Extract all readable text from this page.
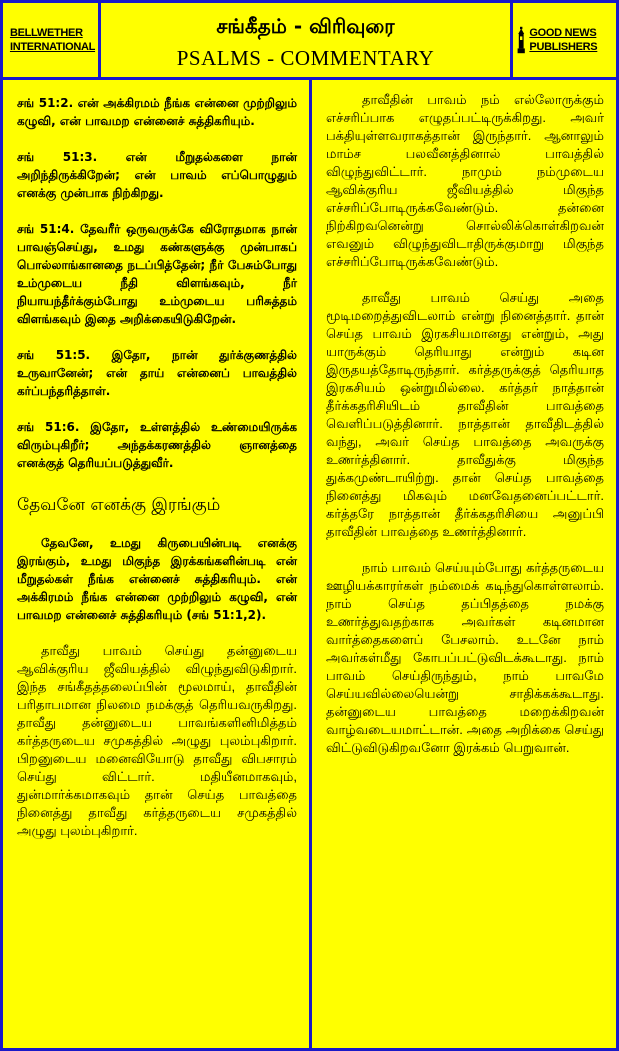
BELLWETHER INTERNATIONAL
சங்கீதம் - விரிவுரை
PSALMS - COMMENTARY
GOOD NEWS PUBLISHERS
சங் 51:2. என் அக்கிரமம் நீங்க என்னை முற்றிலும் கழுவி, என் பாவமற என்னைச் சுத்திகரியும்.
சங் 51:3. என் மீறுதல்களை நான் அறிந்திருக்கிறேன்; என் பாவம் எப்பொழுதும் எனக்கு முன்பாக நிற்கிறது.
சங் 51:4. தேவரீர் ஒருவருக்கே விரோதமாக நான் பாவஞ்செய்து, உமது கண்களுக்கு முன்பாகப் பொல்லாங்கானதை நடப்பித்தேன்; நீர் பேசும்போது உம்முடைய நீதி விளங்கவும், நீர் நியாயந்தீர்க்கும்போது உம்முடைய பரிசுத்தம் விளங்கவும் இதை அறிக்கையிடுகிறேன்.
சங் 51:5. இதோ, நான் துர்க்குணத்தில் உருவானேன்; என் தாய் என்னைப் பாவத்தில் கர்ப்பந்தரித்தாள்.
சங் 51:6. இதோ, உள்ளத்தில் உண்மையிருக்க விரும்புகிறீர்; அந்தக்கரணத்தில் ஞானத்தை எனக்குத் தெரியப்படுத்துவீர்.
தேவனே எனக்கு இரங்கும்
தேவனே, உமது கிருபையின்படி எனக்கு இரங்கும், உமது மிகுந்த இரக்கங்களின்படி என் மீறுதல்கள் நீங்க என்னைச் சுத்திகரியும். என் அக்கிரமம் நீங்க என்னை முற்றிலும் கழுவி, என் பாவமற என்னைச் சுத்திகரியும் (சங் 51:1,2).
தாவீது பாவம் செய்து தன்னுடைய ஆவிக்குரிய ஜீவியத்தில் விழுந்துவிடுகிறார். இந்த சங்கீதத்தலைப்பின் மூலமாய், தாவீதின் பரிதாபமான நிலமை நமக்குத் தெரியவருகிறது. தாவீது தன்னுடைய பாவங்களினிமித்தம் கர்த்தருடைய சமுகத்தில் அழுது புலம்புகிறார். பிறனுடைய மனைவியோடு தாவீது விபசாரம் செய்து விட்டார். மதியீனமாகவும், துன்மார்க்கமாகவும் தான் செய்த பாவத்தை நினைத்து தாவீது கர்த்தருடைய சமுகத்தில் அழுது புலம்புகிறார்.
தாவீதின் பாவம் நம் எல்லோருக்கும் எச்சரிப்பாக எழுதப்பட்டிருக்கிறது. அவர் பக்தியுள்ளவராகத்தான் இருந்தார். ஆனாலும் மாம்ச பலவீனத்தினால் பாவத்தில் விழுந்துவிட்டார். நாமும் நம்முடைய ஆவிக்குரிய ஜீவியத்தில் மிகுந்த எச்சரிப்போடிருக்கவேண்டும். தன்னை நிற்கிறவனென்று சொல்லிக்கொள்கிறவன் எவனும் விழுந்துவிடாதிருக்குமாறு மிகுந்த எச்சரிப்போடிருக்கவேண்டும்.
தாவீது பாவம் செய்து அதை மூடிமறைத்துவிடலாம் என்று நினைத்தார். தான் செய்த பாவம் இரகசியமானது என்றும், அது யாருக்கும் தெரியாது என்றும் கடின இருதயத்தோடிருந்தார். கர்த்தருக்குத் தெரியாத இரகசியம் ஒன்றுமில்லை. கர்த்தர் நாத்தான் தீர்க்கதரிசியிடம் தாவீதின் பாவத்தை வெளிப்படுத்தினார். நாத்தான் தாவீதிடத்தில் வந்து, அவர் செய்த பாவத்தை அவருக்கு உணர்த்தினார். தாவீதுக்கு மிகுந்த துக்கமுண்டாயிற்று. தான் செய்த பாவத்தை நினைத்து மிகவும் மனவேதனைப்பட்டார். கர்த்தரே நாத்தான் தீர்க்கதரிசியை அனுப்பி தாவீதின் பாவத்தை உணர்த்தினார்.
நாம் பாவம் செய்யும்போது கர்த்தருடைய ஊழியக்காரர்கள் நம்மைக் கடிந்துகொள்ளலாம். நாம் செய்த தப்பிதத்தை நமக்கு உணர்த்துவதற்காக அவர்கள் கடினமான வார்த்தைகளைப் பேசலாம். உடனே நாம் அவர்கள்மீது கோபப்பட்டுவிடக்கூடாது. நாம் பாவம் செய்திருந்தும், நாம் பாவமே செய்யவில்லையென்று சாதிக்கக்கூடாது. தன்னுடைய பாவத்தை மறைக்கிறவன் வாழ்வடையமாட்டான். அதை அறிக்கை செய்து விட்டுவிடுகிறவனோ இரக்கம் பெறுவான்.
